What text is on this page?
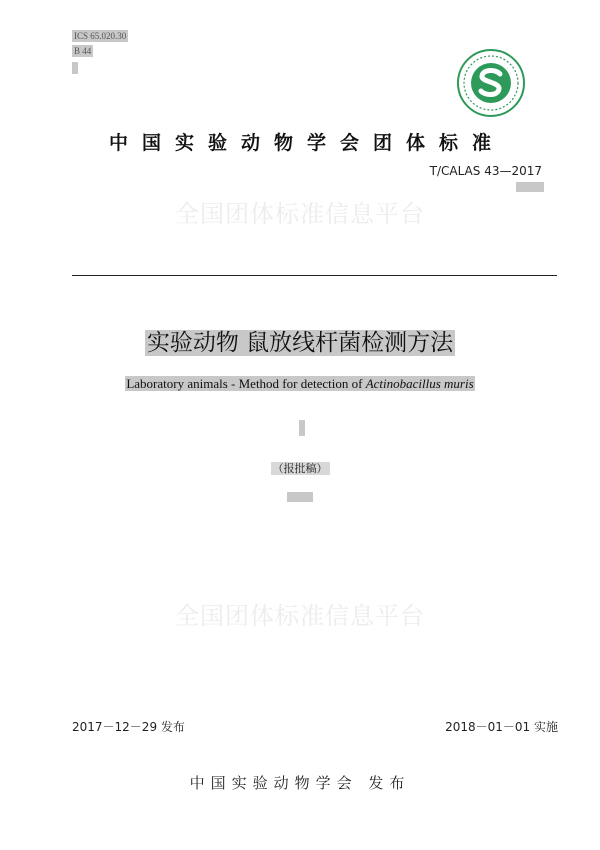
ICS 65.020.30
B 44
中国实验动物学会团体标准
T/CALAS 43—2017
全国团体标准信息平台
实验动物 鼠放线杆菌检测方法
Laboratory animals - Method for detection of Actinobacillus muris
（报批稿）
全国团体标准信息平台
2017－12－29 发布	2018－01－01 实施
中国实验动物学会 发布
